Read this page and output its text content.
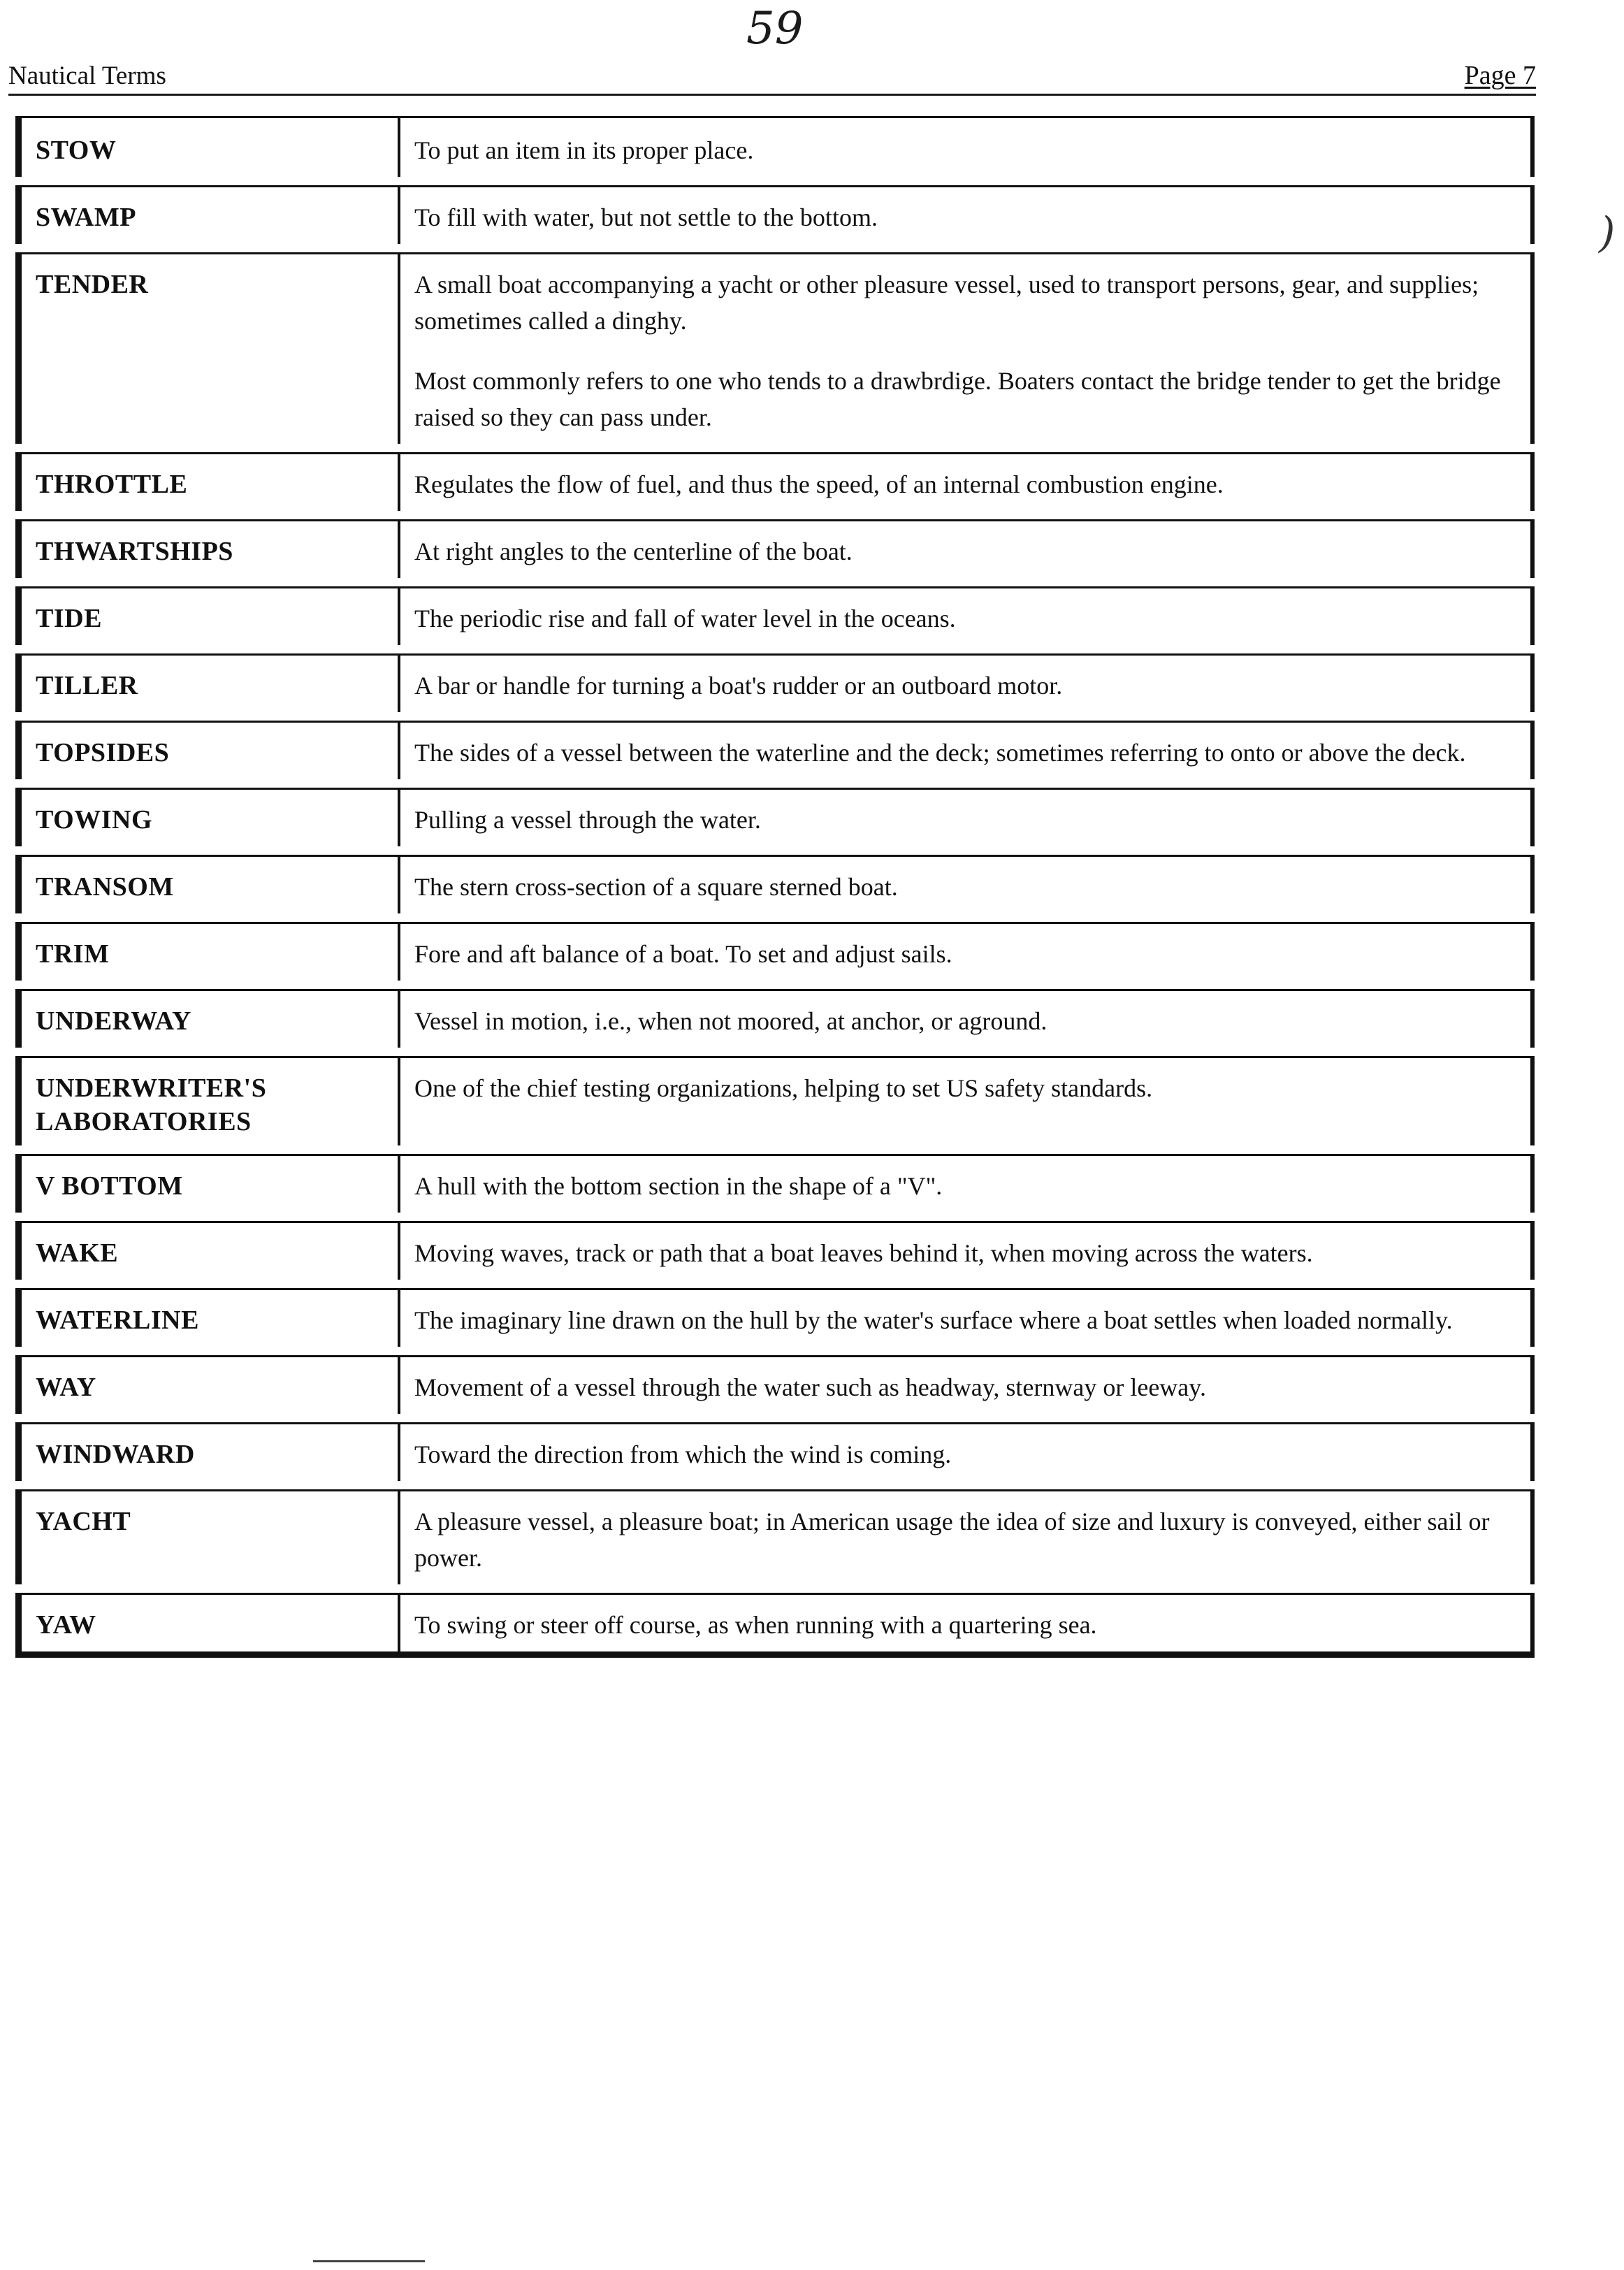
59
)
Nautical Terms	Page 7
STOW	To put an item in its proper place.

SWAMP	To fill with water, but not settle to the bottom.

TENDER	A small boat accompanying a yacht or other pleasure vessel, used to transport persons, gear, and supplies; sometimes called a dinghy.
Most commonly refers to one who tends to a drawbrdige. Boaters contact the bridge tender to get the bridge raised so they can pass under.

THROTTLE	Regulates the flow of fuel, and thus the speed, of an internal combustion engine.

THWARTSHIPS	At right angles to the centerline of the boat.

TIDE	The periodic rise and fall of water level in the oceans.

TILLER	A bar or handle for turning a boat's rudder or an outboard motor.

TOPSIDES	The sides of a vessel between the waterline and the deck; sometimes referring to onto or above the deck.

TOWING	Pulling a vessel through the water.

TRANSOM	The stern cross-section of a square sterned boat.

TRIM	Fore and aft balance of a boat. To set and adjust sails.

UNDERWAY	Vessel in motion, i.e., when not moored, at anchor, or aground.

UNDERWRITER'S LABORATORIES	One of the chief testing organizations, helping to set US safety standards.

V BOTTOM	A hull with the bottom section in the shape of a "V".

WAKE	Moving waves, track or path that a boat leaves behind it, when moving across the waters.

WATERLINE	The imaginary line drawn on the hull by the water's surface where a boat settles when loaded normally.

WAY	Movement of a vessel through the water such as headway, sternway or leeway.

WINDWARD	Toward the direction from which the wind is coming.

YACHT	A pleasure vessel, a pleasure boat; in American usage the idea of size and luxury is conveyed, either sail or power.

YAW	To swing or steer off course, as when running with a quartering sea.
